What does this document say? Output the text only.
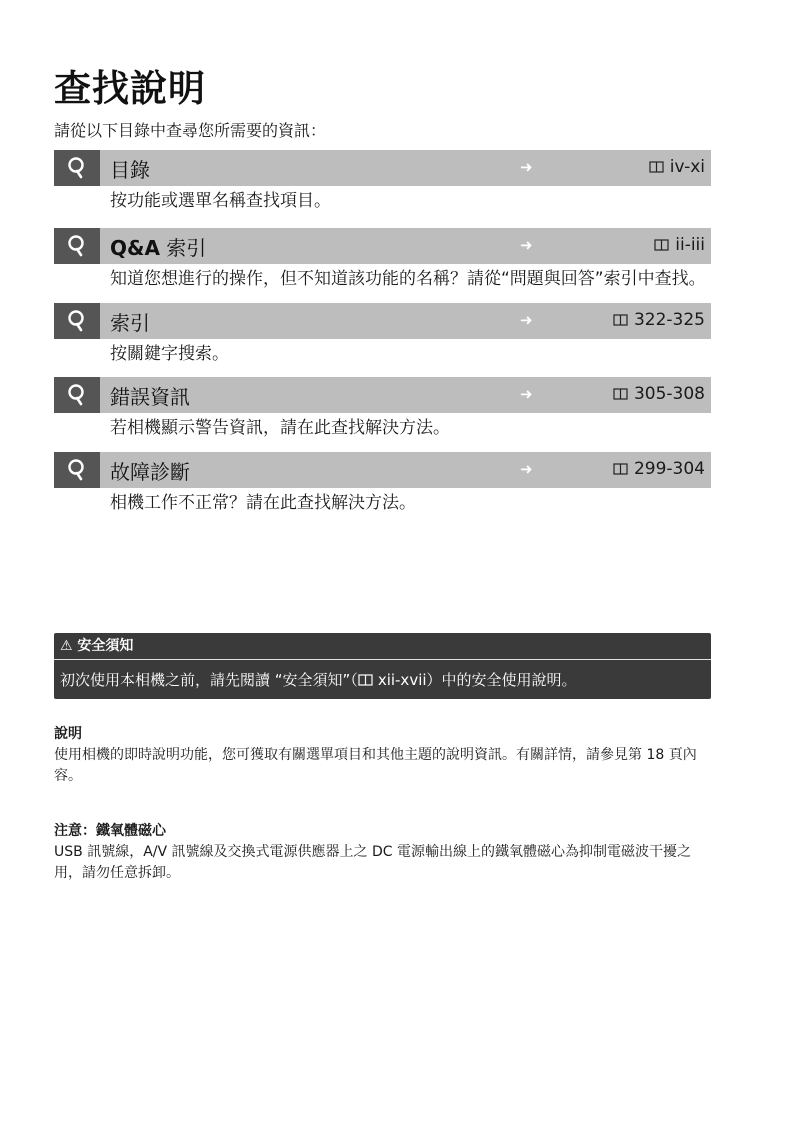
查找說明
請從以下目錄中查尋您所需要的資訊：
目錄	➜	iv-xi
按功能或選單名稱查找項目。
Q&A 索引	➜	ii-iii
知道您想進行的操作，但不知道該功能的名稱？請從“問題與回答”索引中查找。
索引	➜	322-325
按關鍵字搜索。
錯誤資訊	➜	305-308
若相機顯示警告資訊，請在此查找解決方法。
故障診斷	➜	299-304
相機工作不正常？請在此查找解決方法。
⚠ 安全須知
初次使用本相機之前，請先閱讀 “安全須知”（ xii-xvii）中的安全使用說明。
說明
使用相機的即時說明功能，您可獲取有關選單項目和其他主題的說明資訊。有關詳情，請參見第 18 頁內容。
注意：鐵氧體磁心
USB 訊號線，A/V 訊號線及交換式電源供應器上之 DC 電源輸出線上的鐵氧體磁心為抑制電磁波干擾之用，請勿任意拆卸。
